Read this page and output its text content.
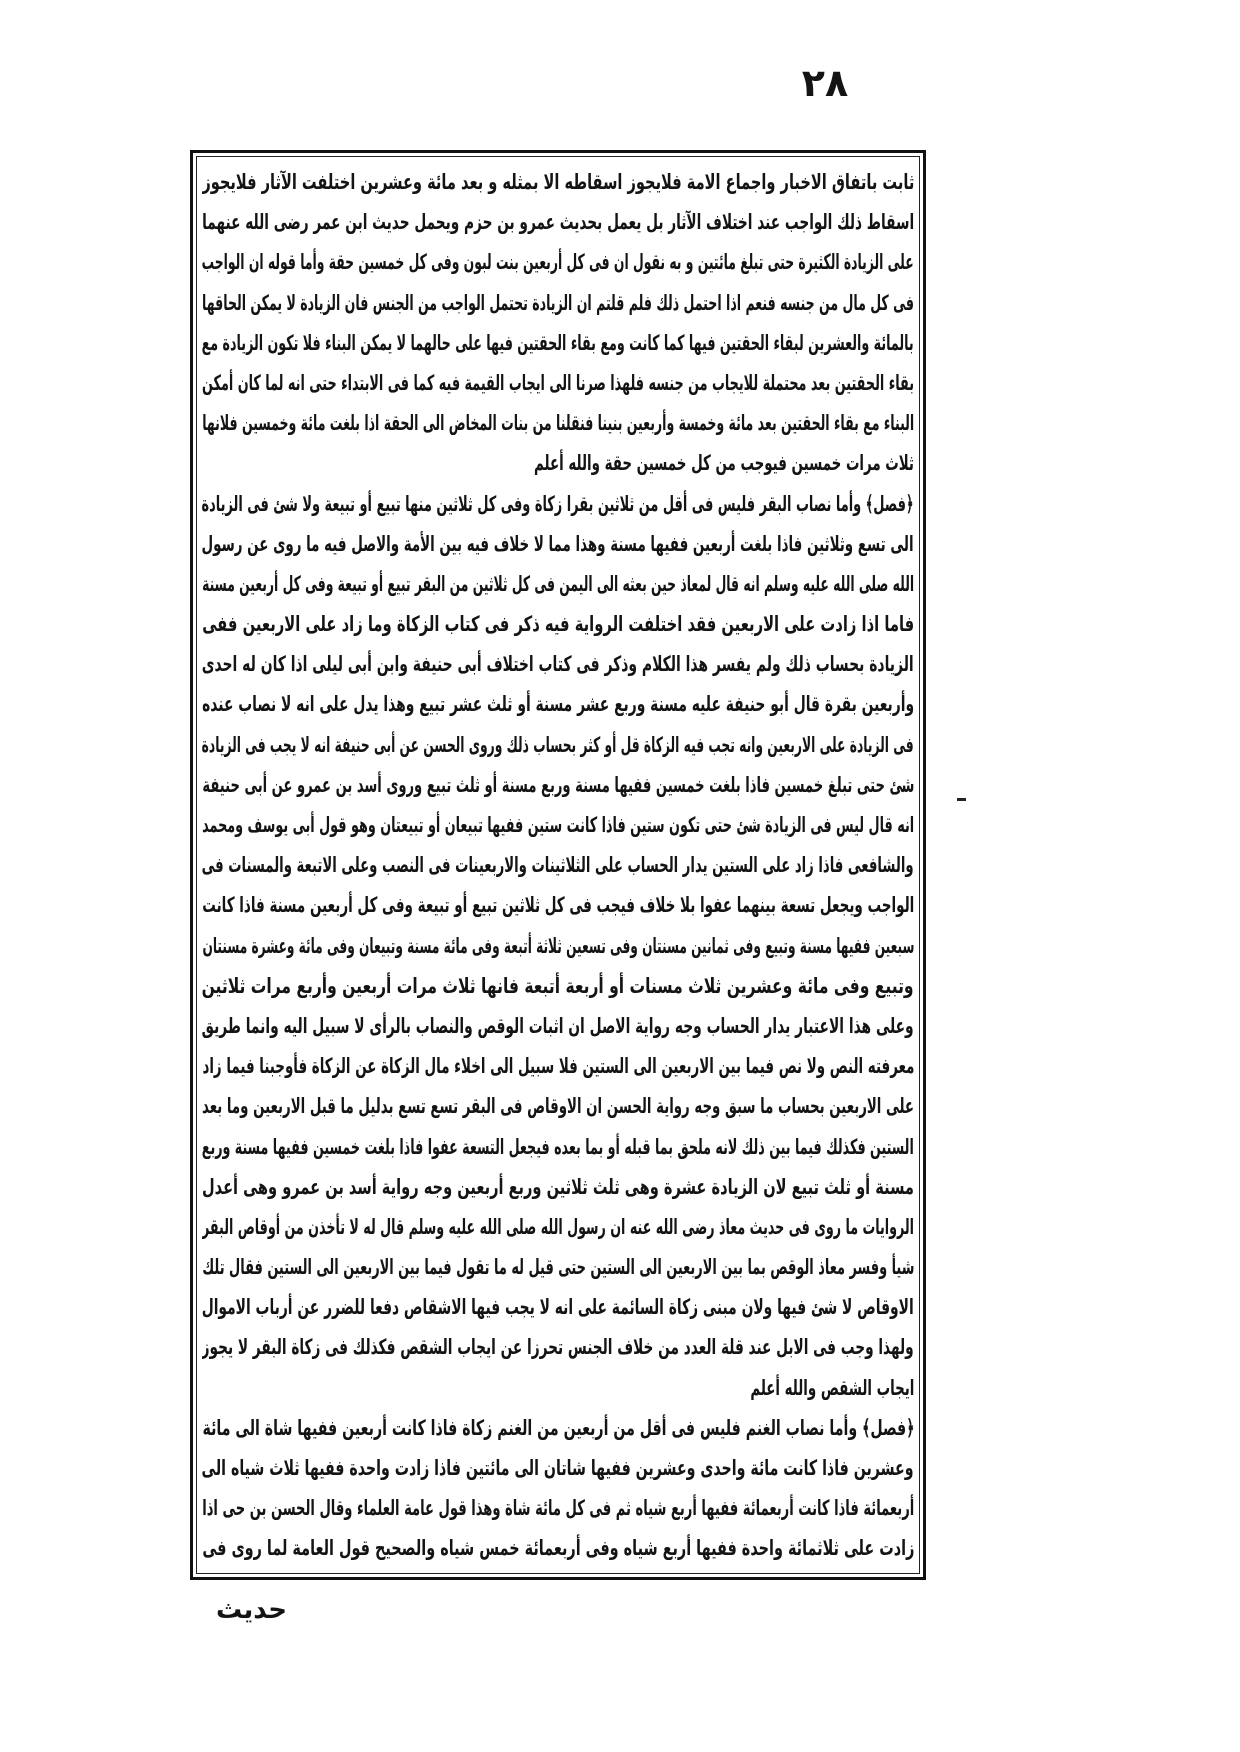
٢٨
ثابت باتفاق الاخبار واجماع الامة فلايجوز اسقاطه الا بمثله و بعد مائة وعشرين اختلفت الآثار فلايجوز
اسقاط ذلك الواجب عند اختلاف الآثار بل يعمل بحديث عمرو بن حزم ويحمل حديث ابن عمر رضى الله عنهما
على الزيادة الكثيرة حتى تبلغ مائتين و به نقول ان فى كل أربعين بنت لبون وفى كل خمسين حقة وأما قوله ان الواجب
فى كل مال من جنسه فنعم اذا احتمل ذلك فلم قلتم ان الزيادة تحتمل الواجب من الجنس فان الزيادة لا يمكن الحاقها
بالمائة والعشرين لبقاء الحقتين فيها كما كانت ومع بقاء الحقتين فيها على حالهما لا يمكن البناء فلا تكون الزيادة مع
بقاء الحقتين بعد محتملة للايجاب من جنسه فلهذا صرنا الى ايجاب القيمة فيه كما فى الابتداء حتى انه لما كان أمكن
البناء مع بقاء الحقتين بعد مائة وخمسة وأربعين بنينا فنقلنا من بنات المخاض الى الحقة اذا بلغت مائة وخمسين فلانها
ثلاث مرات خمسين فيوجب من كل خمسين حقة والله أعلم
﴿فصل﴾ وأما نصاب البقر فليس فى أقل من ثلاثين بقرا زكاة وفى كل ثلاثين منها تبيع أو تبيعة ولا شئ فى الزيادة
الى تسع وثلاثين فاذا بلغت أربعين ففيها مسنة وهذا مما لا خلاف فيه بين الأمة والاصل فيه ما روى عن رسول
الله صلى الله عليه وسلم انه قال لمعاذ حين بعثه الى اليمن فى كل ثلاثين من البقر تبيع أو تبيعة وفى كل أربعين مسنة
فاما اذا زادت على الاربعين فقد اختلفت الرواية فيه ذكر فى كتاب الزكاة وما زاد على الاربعين ففى
الزيادة بحساب ذلك ولم يفسر هذا الكلام وذكر فى كتاب اختلاف أبى حنيفة وابن أبى ليلى اذا كان له احدى
وأربعين بقرة قال أبو حنيفة عليه مسنة وربع عشر مسنة أو ثلث عشر تبيع وهذا يدل على انه لا نصاب عنده
فى الزيادة على الاربعين وانه تجب فيه الزكاة قل أو كثر بحساب ذلك وروى الحسن عن أبى حنيفة انه لا يجب فى الزيادة
شئ حتى تبلغ خمسين فاذا بلغت خمسين ففيها مسنة وربع مسنة أو ثلث تبيع وروى أسد بن عمرو عن أبى حنيفة
انه قال ليس فى الزيادة شئ حتى تكون ستين فاذا كانت ستين ففيها تبيعان أو تبيعتان وهو قول أبى يوسف ومحمد
والشافعى فاذا زاد على الستين يدار الحساب على الثلاثينات والاربعينات فى النصب وعلى الاتبعة والمسنات فى
الواجب ويجعل تسعة بينهما عفوا بلا خلاف فيجب فى كل ثلاثين تبيع أو تبيعة وفى كل أربعين مسنة فاذا كانت
سبعين ففيها مسنة وتبيع وفى ثمانين مسنتان وفى تسعين ثلاثة أتبعة وفى مائة مسنة وتبيعان وفى مائة وعشرة مسنتان
وتبيع وفى مائة وعشرين ثلاث مسنات أو أربعة أتبعة فانها ثلاث مرات أربعين وأربع مرات ثلاثين
وعلى هذا الاعتبار يدار الحساب وجه رواية الاصل ان اثبات الوقص والنصاب بالرأى لا سبيل اليه وانما طريق
معرفته النص ولا نص فيما بين الاربعين الى الستين فلا سبيل الى اخلاء مال الزكاة عن الزكاة فأوجبنا فيما زاد
على الاربعين بحساب ما سبق وجه رواية الحسن ان الاوقاص فى البقر تسع تسع بدليل ما قبل الاربعين وما بعد
الستين فكذلك فيما بين ذلك لانه ملحق بما قبله أو بما بعده فيجعل التسعة عفوا فاذا بلغت خمسين ففيها مسنة وربع
مسنة أو ثلث تبيع لان الزيادة عشرة وهى ثلث ثلاثين وربع أربعين وجه رواية أسد بن عمرو وهى أعدل
الروايات ما روى فى حديث معاذ رضى الله عنه ان رسول الله صلى الله عليه وسلم قال له لا تأخذن من أوقاص البقر
شيأ وفسر معاذ الوقص بما بين الاربعين الى الستين حتى قيل له ما تقول فيما بين الاربعين الى الستين فقال تلك
الاوقاص لا شئ فيها ولان مبنى زكاة السائمة على انه لا يجب فيها الاشقاص دفعا للضرر عن أرباب الاموال
ولهذا وجب فى الابل عند قلة العدد من خلاف الجنس تحرزا عن ايجاب الشقص فكذلك فى زكاة البقر لا يجوز
ايجاب الشقص والله أعلم
﴿فصل﴾ وأما نصاب الغنم فليس فى أقل من أربعين من الغنم زكاة فاذا كانت أربعين ففيها شاة الى مائة
وعشرين فاذا كانت مائة واحدى وعشرين ففيها شاتان الى مائتين فاذا زادت واحدة ففيها ثلاث شياه الى
أربعمائة فاذا كانت أربعمائة ففيها أربع شياه ثم فى كل مائة شاة وهذا قول عامة العلماء وقال الحسن بن حى اذا
زادت على ثلاثمائة واحدة ففيها أربع شياه وفى أربعمائة خمس شياه والصحيح قول العامة لما روى فى
حديث
